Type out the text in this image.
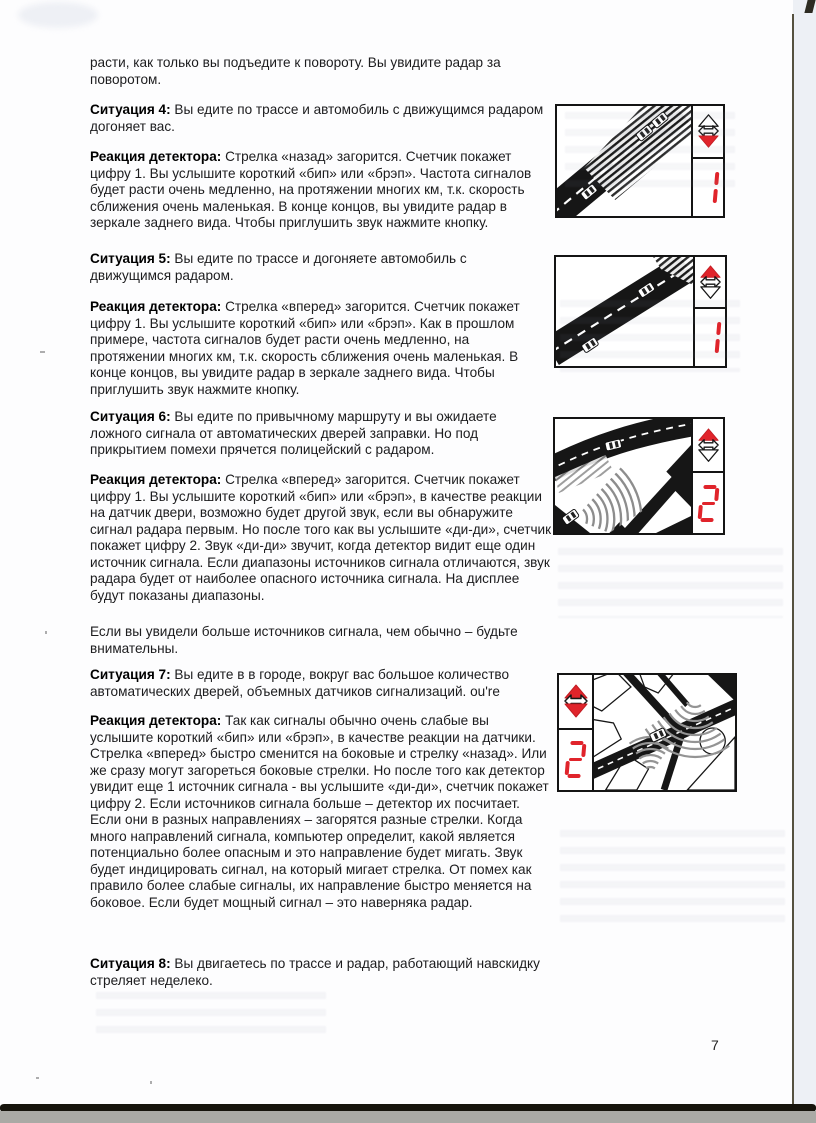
расти, как только вы подъедите к повороту. Вы увидите радар за поворотом.

Ситуация 4: Вы едите по трассе и автомобиль с движущимся радаром догоняет вас.

Реакция детектора: Стрелка «назад» загорится. Счетчик покажет цифру 1. Вы услышите короткий «бип» или «брэп». Частота сигналов будет расти очень медленно, на протяжении многих км, т.к. скорость сближения очень маленькая. В конце концов, вы увидите радар в зеркале заднего вида. Чтобы приглушить звук нажмите кнопку.

Ситуация 5: Вы едите по трассе и догоняете автомобиль с движущимся радаром.

Реакция детектора: Стрелка «вперед» загорится. Счетчик покажет цифру 1. Вы услышите короткий «бип» или «брэп». Как в прошлом примере, частота сигналов будет расти очень медленно, на протяжении многих км, т.к. скорость сближения очень маленькая. В конце концов, вы увидите радар в зеркале заднего вида. Чтобы приглушить звук нажмите кнопку.

Ситуация 6: Вы едите по привычному маршруту и вы ожидаете ложного сигнала от автоматических дверей заправки. Но под прикрытием помехи прячется полицейский с радаром.

Реакция детектора: Стрелка «вперед» загорится. Счетчик покажет цифру 1. Вы услышите короткий «бип» или «брэп», в качестве реакции на датчик двери, возможно будет другой звук, если вы обнаружите сигнал радара первым. Но после того как вы услышите «ди-ди», счетчик покажет цифру 2. Звук «ди-ди» звучит, когда детектор видит еще один источник сигнала. Если диапазоны источников сигнала отличаются, звук радара будет от наиболее опасного источника сигнала. На дисплее будут показаны диапазоны.

Если вы увидели больше источников сигнала, чем обычно – будьте внимательны.

Ситуация 7: Вы едите в в городе, вокруг вас большое количество автоматических дверей, объемных датчиков сигнализаций. ou're

Реакция детектора: Так как сигналы обычно очень слабые вы услышите короткий «бип» или «брэп», в качестве реакции на датчики. Стрелка «вперед» быстро сменится на боковые и стрелку «назад». Или же сразу могут загореться боковые стрелки. Но после того как детектор увидит еще 1 источник сигнала - вы услышите «ди-ди», счетчик покажет цифру 2. Если источников сигнала больше – детектор их посчитает. Если они в разных направлениях – загорятся разные стрелки. Когда много направлений сигнала, компьютер определит, какой является потенциально более опасным и это направление будет мигать. Звук будет индицировать сигнал, на который мигает стрелка. От помех как правило более слабые сигналы, их направление быстро меняется на боковое. Если будет мощный сигнал – это наверняка радар.

Ситуация 8: Вы двигаетесь по трассе и радар, работающий навскидку стреляет неделеко.

7
